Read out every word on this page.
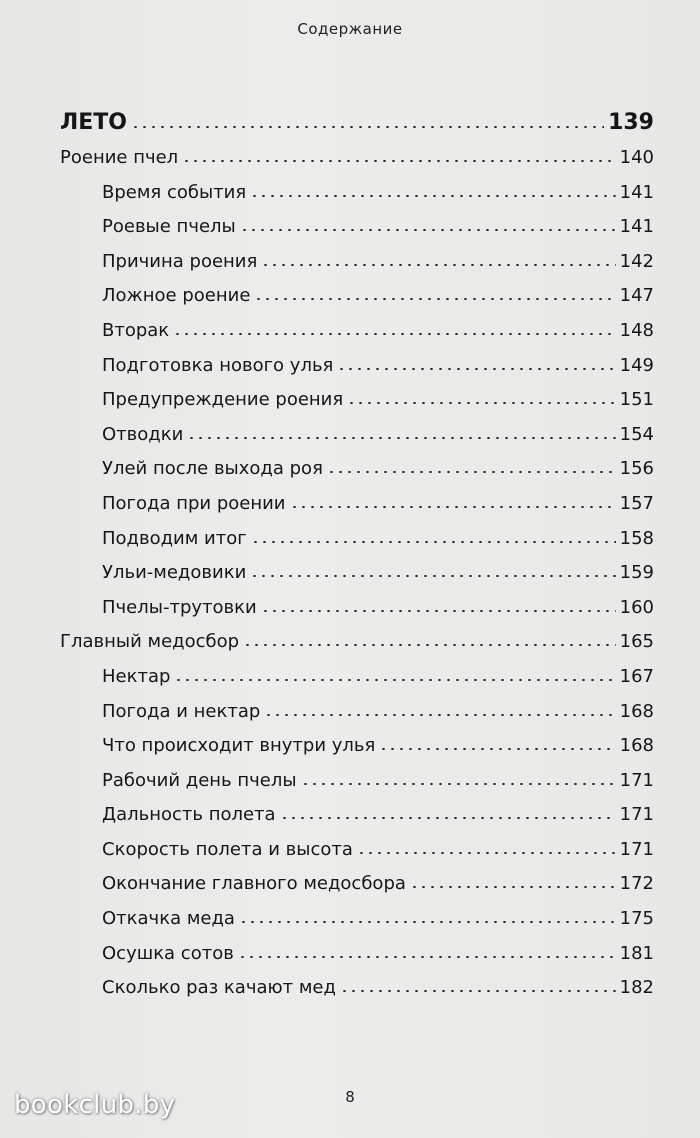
Содержание
ЛЕТО	139
Роение пчел	140
Время события	141
Роевые пчелы	141
Причина роения	142
Ложное роение	147
Вторак	148
Подготовка нового улья	149
Предупреждение роения	151
Отводки	154
Улей после выхода роя	156
Погода при роении	157
Подводим итог	158
Ульи-медовики	159
Пчелы-трутовки	160
Главный медосбор	165
Нектар	167
Погода и нектар	168
Что происходит внутри улья	168
Рабочий день пчелы	171
Дальность полета	171
Скорость полета и высота	171
Окончание главного медосбора	172
Откачка меда	175
Осушка сотов	181
Сколько раз качают мед	182
8
bookclub.by
